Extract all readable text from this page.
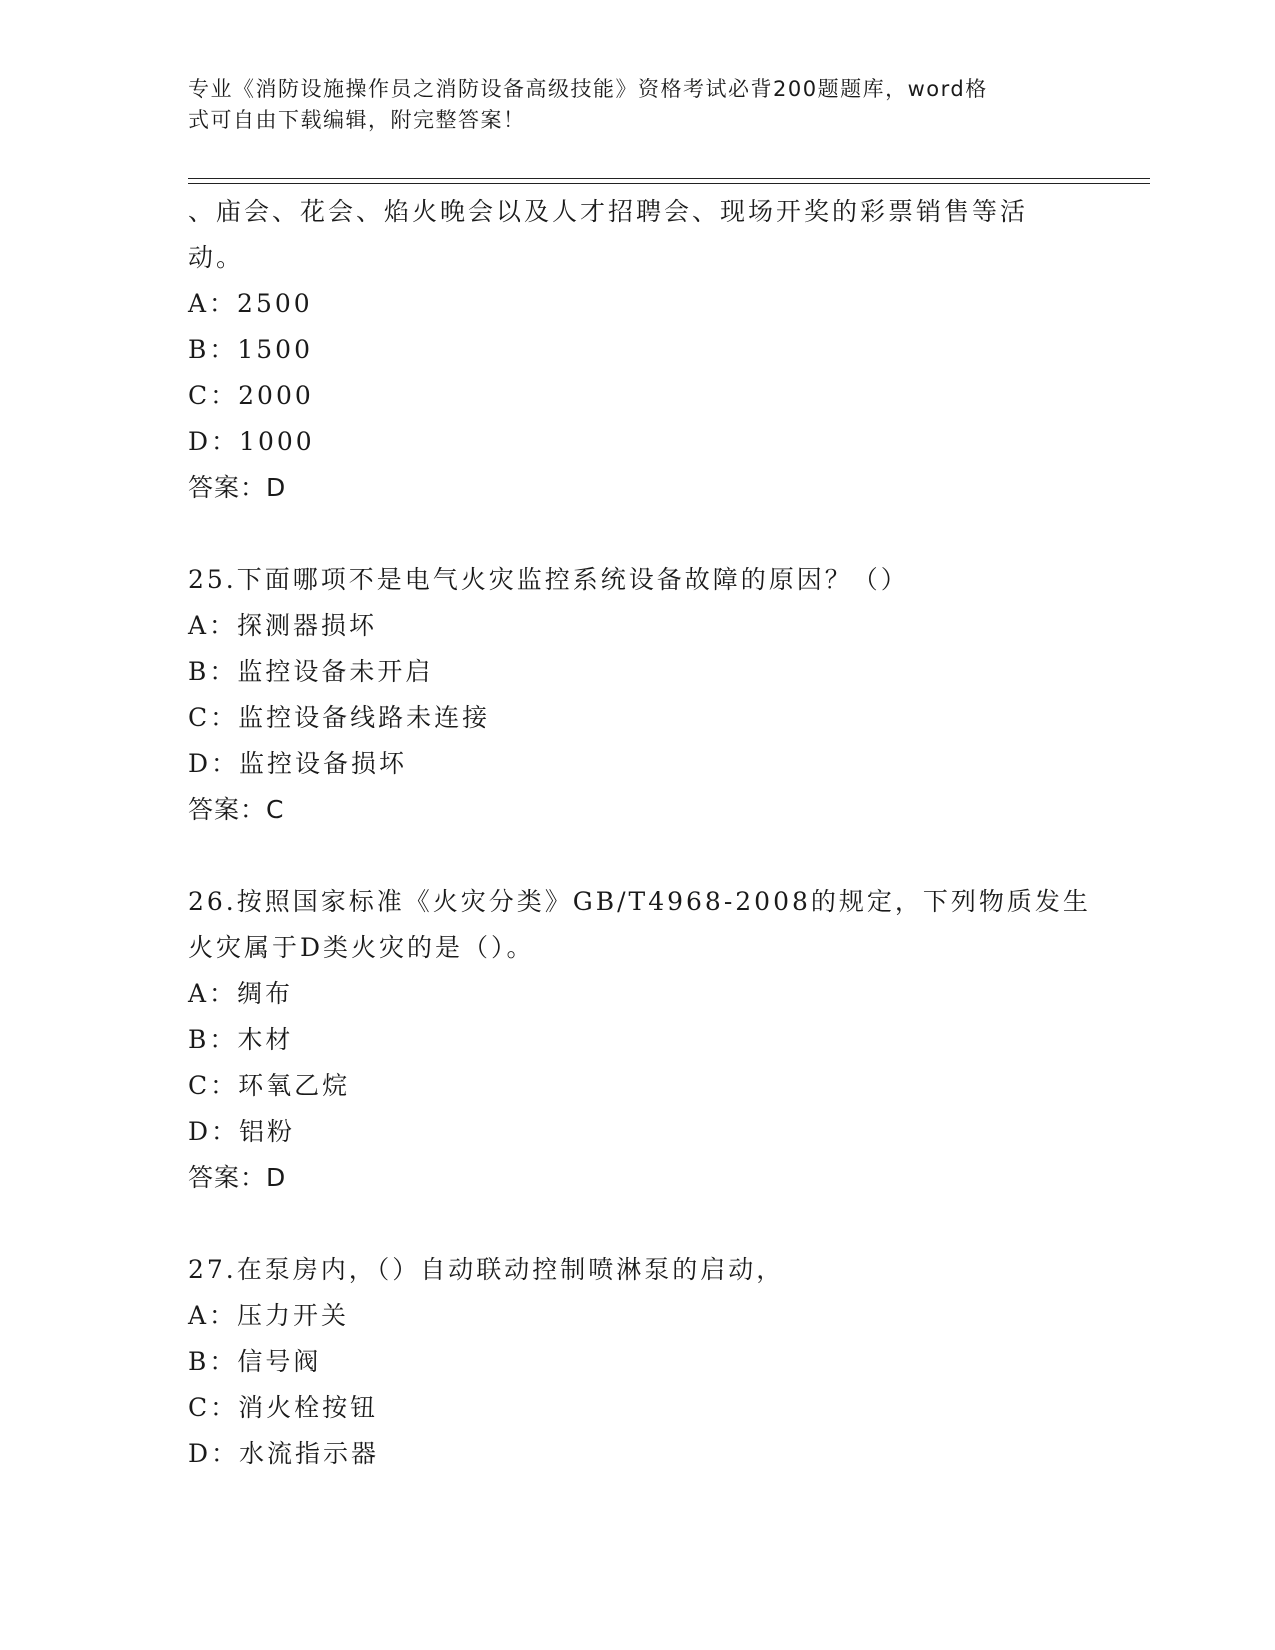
专业《消防设施操作员之消防设备高级技能》资格考试必背200题题库，word格
式可自由下载编辑，附完整答案！
、庙会、花会、焰火晚会以及人才招聘会、现场开奖的彩票销售等活
动。
A：2500
B：1500
C：2000
D：1000
答案：D
25.下面哪项不是电气火灾监控系统设备故障的原因？（）
A：探测器损坏
B：监控设备未开启
C：监控设备线路未连接
D：监控设备损坏
答案：C
26.按照国家标准《火灾分类》GB/T4968-2008的规定，下列物质发生
火灾属于D类火灾的是（）。
A：绸布
B：木材
C：环氧乙烷
D：铝粉
答案：D
27.在泵房内，（）自动联动控制喷淋泵的启动，
A：压力开关
B：信号阀
C：消火栓按钮
D：水流指示器
